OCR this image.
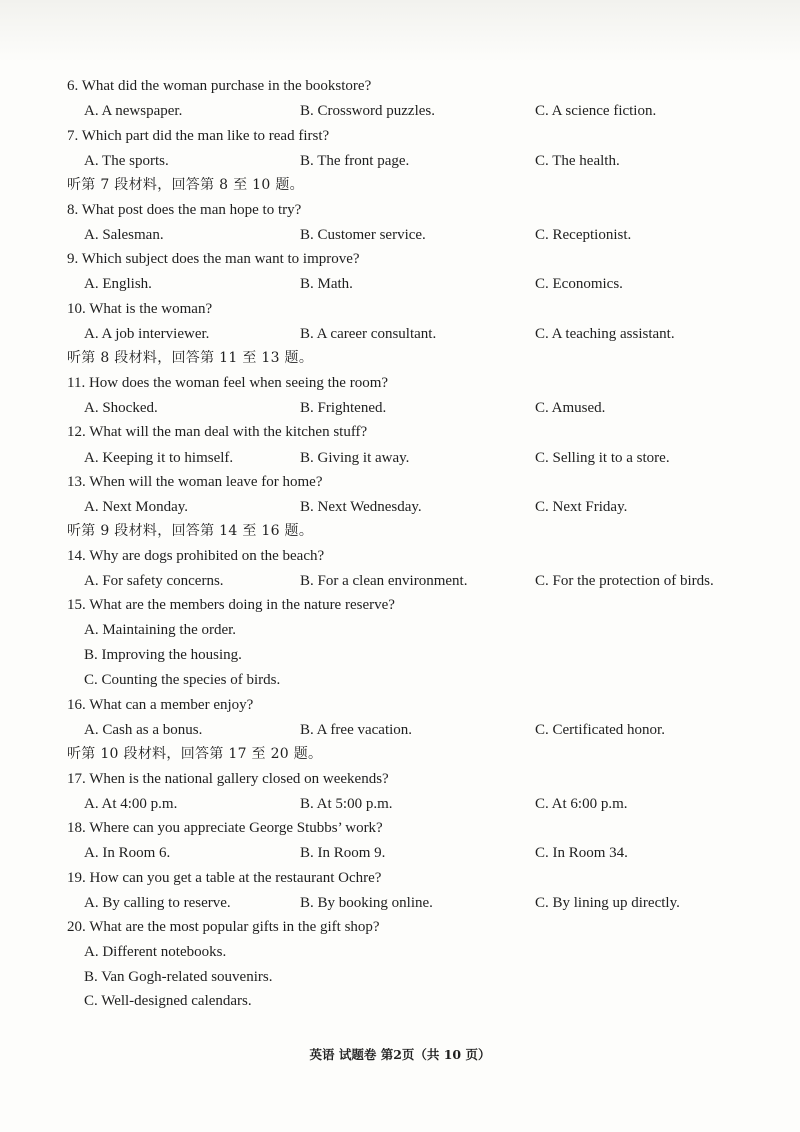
6. What did the woman purchase in the bookstore?
A. A newspaper.	B. Crossword puzzles.	C. A science fiction.
7. Which part did the man like to read first?
A. The sports.	B. The front page.	C. The health.
听第 7 段材料，回答第 8 至 10 题。
8. What post does the man hope to try?
A. Salesman.	B. Customer service.	C. Receptionist.
9. Which subject does the man want to improve?
A. English.	B. Math.	C. Economics.
10. What is the woman?
A. A job interviewer.	B. A career consultant.	C. A teaching assistant.
听第 8 段材料，回答第 11 至 13 题。
11. How does the woman feel when seeing the room?
A. Shocked.	B. Frightened.	C. Amused.
12. What will the man deal with the kitchen stuff?
A. Keeping it to himself.	B. Giving it away.	C. Selling it to a store.
13. When will the woman leave for home?
A. Next Monday.	B. Next Wednesday.	C. Next Friday.
听第 9 段材料，回答第 14 至 16 题。
14. Why are dogs prohibited on the beach?
A. For safety concerns.	B. For a clean environment.	C. For the protection of birds.
15. What are the members doing in the nature reserve?
A. Maintaining the order.
B. Improving the housing.
C. Counting the species of birds.
16. What can a member enjoy?
A. Cash as a bonus.	B. A free vacation.	C. Certificated honor.
听第 10 段材料，回答第 17 至 20 题。
17. When is the national gallery closed on weekends?
A. At 4:00 p.m.	B. At 5:00 p.m.	C. At 6:00 p.m.
18. Where can you appreciate George Stubbs’ work?
A. In Room 6.	B. In Room 9.	C. In Room 34.
19. How can you get a table at the restaurant Ochre?
A. By calling to reserve.	B. By booking online.	C. By lining up directly.
20. What are the most popular gifts in the gift shop?
A. Different notebooks.
B. Van Gogh-related souvenirs.
C. Well-designed calendars.
英语 试题卷 第2页（共 10 页）
